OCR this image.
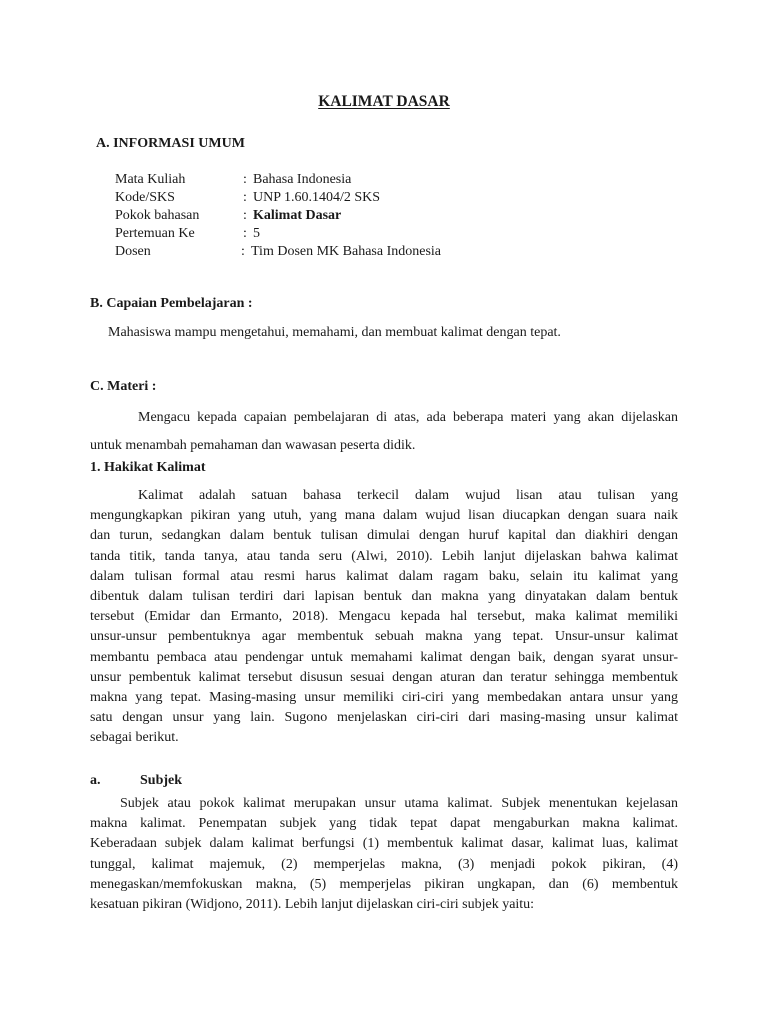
KALIMAT DASAR
A. INFORMASI UMUM
Mata Kuliah	: Bahasa Indonesia
Kode/SKS	: UNP 1.60.1404/2 SKS
Pokok bahasan	: Kalimat Dasar
Pertemuan Ke	: 5
Dosen	: Tim Dosen MK Bahasa Indonesia
B. Capaian Pembelajaran :
Mahasiswa mampu mengetahui, memahami, dan membuat kalimat dengan tepat.
C. Materi :
Mengacu kepada capaian pembelajaran di atas, ada beberapa materi yang akan dijelaskan
untuk menambah pemahaman dan wawasan peserta didik.
1. Hakikat Kalimat
Kalimat adalah satuan bahasa terkecil dalam wujud lisan atau tulisan yang
mengungkapkan pikiran yang utuh, yang mana dalam wujud lisan diucapkan dengan suara naik
dan turun, sedangkan dalam bentuk tulisan dimulai dengan huruf kapital dan diakhiri dengan
tanda titik, tanda tanya, atau tanda seru (Alwi, 2010). Lebih lanjut dijelaskan bahwa kalimat
dalam tulisan formal atau resmi harus kalimat dalam ragam baku, selain itu kalimat yang
dibentuk dalam tulisan terdiri dari lapisan bentuk dan makna yang dinyatakan dalam bentuk
tersebut (Emidar dan Ermanto, 2018). Mengacu kepada hal tersebut, maka kalimat memiliki
unsur-unsur pembentuknya agar membentuk sebuah makna yang tepat. Unsur-unsur kalimat
membantu pembaca atau pendengar untuk memahami kalimat dengan baik, dengan syarat unsur-
unsur pembentuk kalimat tersebut disusun sesuai dengan aturan dan teratur sehingga membentuk
makna yang tepat. Masing-masing unsur memiliki ciri-ciri yang membedakan antara unsur yang
satu dengan unsur yang lain. Sugono menjelaskan ciri-ciri dari masing-masing unsur kalimat
sebagai berikut.
a.	Subjek
Subjek atau pokok kalimat merupakan unsur utama kalimat. Subjek menentukan kejelasan
makna kalimat. Penempatan subjek yang tidak tepat dapat mengaburkan makna kalimat.
Keberadaan subjek dalam kalimat berfungsi (1) membentuk kalimat dasar, kalimat luas, kalimat
tunggal, kalimat majemuk, (2) memperjelas makna, (3) menjadi pokok pikiran, (4)
menegaskan/memfokuskan makna, (5) memperjelas pikiran ungkapan, dan (6) membentuk
kesatuan pikiran (Widjono, 2011). Lebih lanjut dijelaskan ciri-ciri subjek yaitu:
